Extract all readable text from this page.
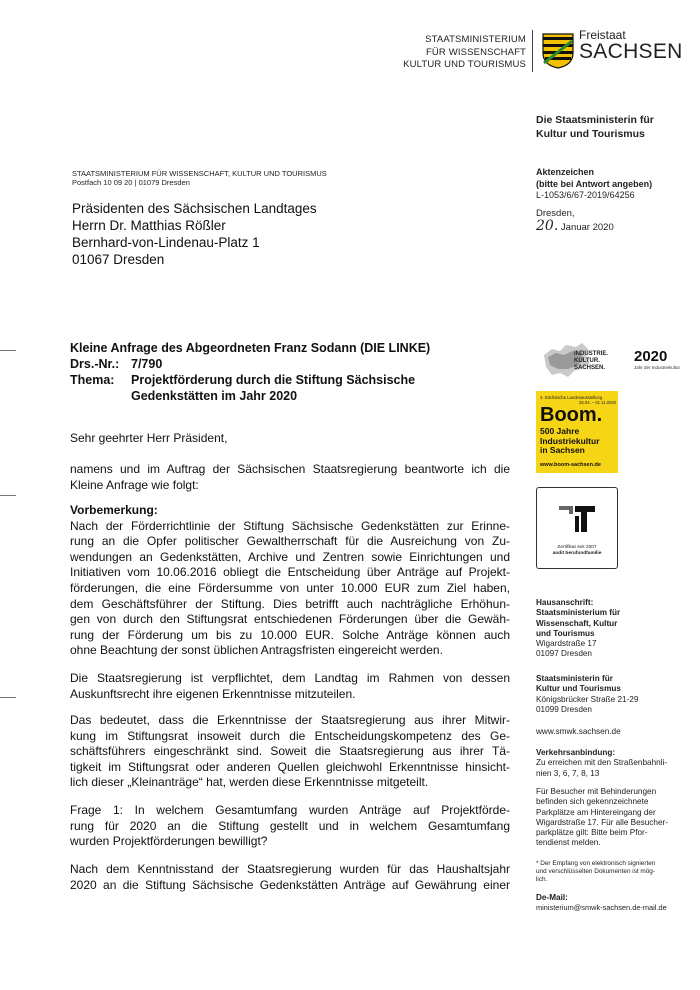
STAATSMINISTERIUM
FÜR WISSENSCHAFT
KULTUR UND TOURISMUS
Freistaat
SACHSEN
Die Staatsministerin für
Kultur und Tourismus
STAATSMINISTERIUM FÜR WISSENSCHAFT, KULTUR UND TOURISMUS
Postfach 10 09 20 | 01079 Dresden
Präsidenten des Sächsischen Landtages
Herrn Dr. Matthias Rößler
Bernhard-von-Lindenau-Platz 1
01067 Dresden
Aktenzeichen
(bitte bei Antwort angeben)
L-1053/6/67-2019/64256
Dresden,
20. Januar 2020
Kleine Anfrage des Abgeordneten Franz Sodann (DIE LINKE)
Drs.-Nr.: 7/790
Thema: Projektförderung durch die Stiftung Sächsische
Gedenkstätten im Jahr 2020
Sehr geehrter Herr Präsident,
namens und im Auftrag der Sächsischen Staatsregierung beantworte ich die
Kleine Anfrage wie folgt:
Vorbemerkung:
Nach der Förderrichtlinie der Stiftung Sächsische Gedenkstätten zur Erinne-
rung an die Opfer politischer Gewaltherrschaft für die Ausreichung von Zu-
wendungen an Gedenkstätten, Archive und Zentren sowie Einrichtungen und
Initiativen vom 10.06.2016 obliegt die Entscheidung über Anträge auf Projekt-
förderungen, die eine Fördersumme von unter 10.000 EUR zum Ziel haben,
dem Geschäftsführer der Stiftung. Dies betrifft auch nachträgliche Erhöhun-
gen von durch den Stiftungsrat entschiedenen Förderungen über die Gewäh-
rung der Förderung um bis zu 10.000 EUR. Solche Anträge können auch
ohne Beachtung der sonst üblichen Antragsfristen eingereicht werden.
Die Staatsregierung ist verpflichtet, dem Landtag im Rahmen von dessen
Auskunftsrecht ihre eigenen Erkenntnisse mitzuteilen.
Das bedeutet, dass die Erkenntnisse der Staatsregierung aus ihrer Mitwir-
kung im Stiftungsrat insoweit durch die Entscheidungskompetenz des Ge-
schäftsführers eingeschränkt sind. Soweit die Staatsregierung aus ihrer Tä-
tigkeit im Stiftungsrat oder anderen Quellen gleichwohl Erkenntnisse hinsicht-
lich dieser „Kleinanträge“ hat, werden diese Erkenntnisse mitgeteilt.
Frage 1: In welchem Gesamtumfang wurden Anträge auf Projektförde-
rung für 2020 an die Stiftung gestellt und in welchem Gesamtumfang
wurden Projektförderungen bewilligt?
Nach dem Kenntnisstand der Staatsregierung wurden für das Haushaltsjahr
2020 an die Stiftung Sächsische Gedenkstätten Anträge auf Gewährung einer
INDUSTRIE.
KULTUR.
SACHSEN.
2020
Jahr der Industriekultur
4. Sächsische Landesausstellung
25.04. – 01.11.2020
Boom.
500 Jahre
Industriekultur
in Sachsen
www.boom-sachsen.de
Zertifikat seit 2007
audit berufundfamilie

Hausanschrift:

Staatsministerium für

Wissenschaft, Kultur

und Tourismus

Wigardstraße 17

01097 Dresden

Staatsministerin für

Kultur und Tourismus

Königsbrücker Straße 21-29

01099 Dresden

www.smwk.sachsen.de

Verkehrsanbindung:

Zu erreichen mit den Straßenbahnli-

nien 3, 6, 7, 8, 13

Für Besucher mit Behinderungen

befinden sich gekennzeichnete

Parkplätze am Hintereingang der

Wigardstraße 17. Für alle Besucher-

parkplätze gilt: Bitte beim Pfor-

tendienst melden.

* Der Empfang von elektronisch signierten

und verschlüsselten Dokumenten ist mög-

lich.

De-Mail:

ministerium@smwk-sachsen.de-mail.de
